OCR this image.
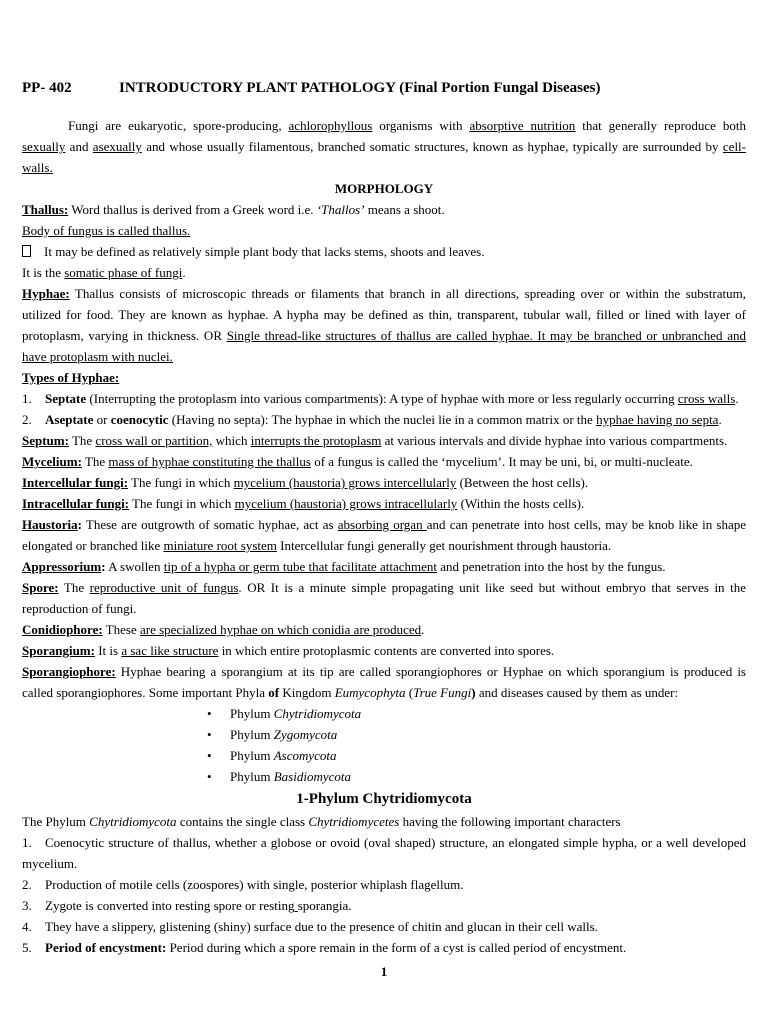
PP- 402	INTRODUCTORY PLANT PATHOLOGY (Final Portion Fungal Diseases)

Fungi are eukaryotic, spore-producing, achlorophyllous organisms with absorptive nutrition that generally reproduce both sexually and asexually and whose usually filamentous, branched somatic structures, known as hyphae, typically are surrounded by cell-walls.

MORPHOLOGY

Thallus: Word thallus is derived from a Greek word i.e. ‘Thallos’ means a shoot.

Body of fungus is called thallus.

It may be defined as relatively simple plant body that lacks stems, shoots and leaves.

It is the somatic phase of fungi.

Hyphae: Thallus consists of microscopic threads or filaments that branch in all directions, spreading over or within the substratum, utilized for food. They are known as hyphae. A hypha may be defined as thin, transparent, tubular wall, filled or lined with layer of protoplasm, varying in thickness. OR Single thread-like structures of thallus are called hyphae. It may be branched or unbranched and have protoplasm with nuclei.

Types of Hyphae:

1. Septate (Interrupting the protoplasm into various compartments): A type of hyphae with more or less regularly occurring cross walls.

2. Aseptate or coenocytic (Having no septa): The hyphae in which the nuclei lie in a common matrix or the hyphae having no septa.

Septum: The cross wall or partition, which interrupts the protoplasm at various intervals and divide hyphae into various compartments.

Mycelium: The mass of hyphae constituting the thallus of a fungus is called the ‘mycelium’. It may be uni, bi, or multi-nucleate.

Intercellular fungi: The fungi in which mycelium (haustoria) grows intercellularly (Between the host cells).

Intracellular fungi: The fungi in which mycelium (haustoria) grows intracellularly (Within the hosts cells).

Haustoria: These are outgrowth of somatic hyphae, act as absorbing organ and can penetrate into host cells, may be knob like in shape elongated or branched like miniature root system Intercellular fungi generally get nourishment through haustoria.

Appressorium: A swollen tip of a hypha or germ tube that facilitate attachment and penetration into the host by the fungus.

Spore: The reproductive unit of fungus. OR It is a minute simple propagating unit like seed but without embryo that serves in the reproduction of fungi.

Conidiophore: These are specialized hyphae on which conidia are produced.

Sporangium: It is a sac like structure in which entire protoplasmic contents are converted into spores.

Sporangiophore: Hyphae bearing a sporangium at its tip are called sporangiophores or Hyphae on which sporangium is produced is called sporangiophores. Some important Phyla of Kingdom Eumycophyta (True Fungi) and diseases caused by them as under:

• Phylum Chytridiomycota
• Phylum Zygomycota
• Phylum Ascomycota
• Phylum Basidiomycota

1-Phylum Chytridiomycota

The Phylum Chytridiomycota contains the single class Chytridiomycetes having the following important characters

1. Coenocytic structure of thallus, whether a globose or ovoid (oval shaped) structure, an elongated simple hypha, or a well developed mycelium.

2. Production of motile cells (zoospores) with single, posterior whiplash flagellum.

3. Zygote is converted into resting spore or resting sporangia.

4. They have a slippery, glistening (shiny) surface due to the presence of chitin and glucan in their cell walls.

5. Period of encystment: Period during which a spore remain in the form of a cyst is called period of encystment.

1
